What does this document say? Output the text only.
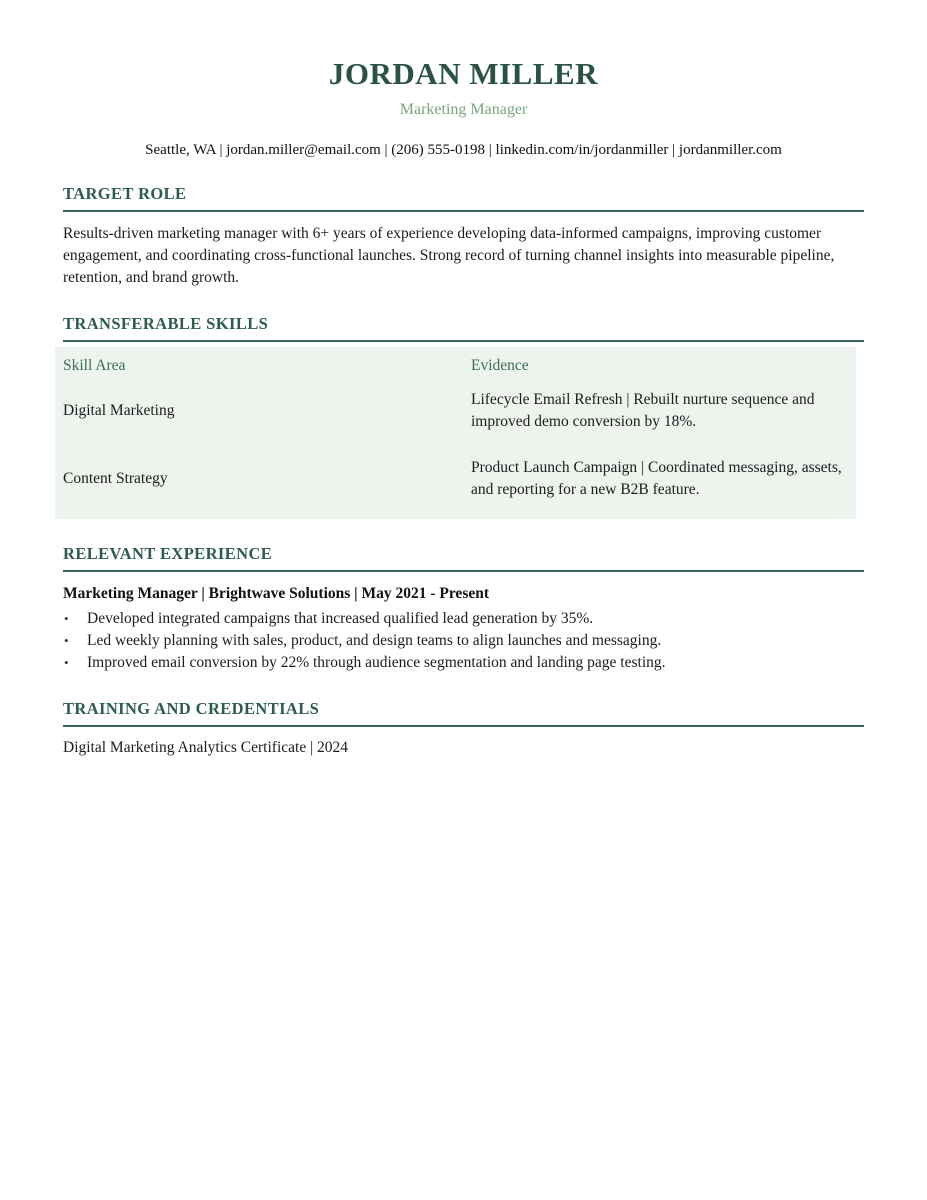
JORDAN MILLER
Marketing Manager
Seattle, WA | jordan.miller@email.com | (206) 555-0198 | linkedin.com/in/jordanmiller | jordanmiller.com
TARGET ROLE
Results-driven marketing manager with 6+ years of experience developing data-informed campaigns, improving customer engagement, and coordinating cross-functional launches. Strong record of turning channel insights into measurable pipeline, retention, and brand growth.
TRANSFERABLE SKILLS
Skill Area	Evidence
Digital Marketing	Lifecycle Email Refresh | Rebuilt nurture sequence and improved demo conversion by 18%.
Content Strategy	Product Launch Campaign | Coordinated messaging, assets, and reporting for a new B2B feature.
RELEVANT EXPERIENCE
Marketing Manager | Brightwave Solutions | May 2021 - Present
•	Developed integrated campaigns that increased qualified lead generation by 35%.
•	Led weekly planning with sales, product, and design teams to align launches and messaging.
•	Improved email conversion by 22% through audience segmentation and landing page testing.
TRAINING AND CREDENTIALS
Digital Marketing Analytics Certificate | 2024
